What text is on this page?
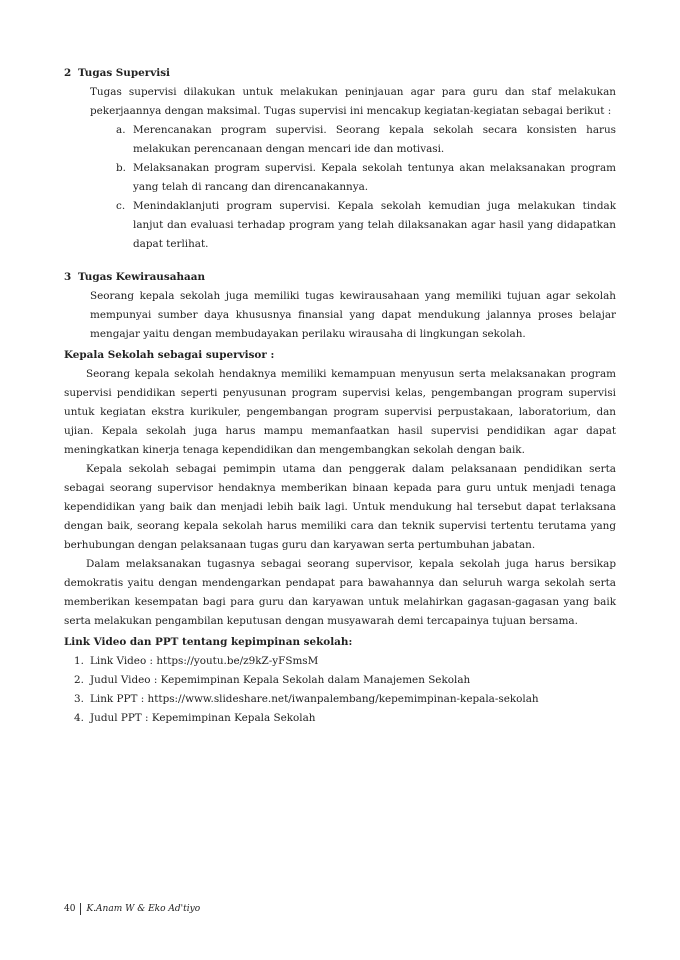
2 Tugas Supervisi

Tugas supervisi dilakukan untuk melakukan peninjauan agar para guru dan staf melakukan pekerjaannya dengan maksimal. Tugas supervisi ini mencakup kegiatan-kegiatan sebagai berikut :

a. Merencanakan program supervisi. Seorang kepala sekolah secara konsisten harus melakukan perencanaan dengan mencari ide dan motivasi.
b. Melaksanakan program supervisi. Kepala sekolah tentunya akan melaksanakan program yang telah di rancang dan direncanakannya.
c. Menindaklanjuti program supervisi. Kepala sekolah kemudian juga melakukan tindak lanjut dan evaluasi terhadap program yang telah dilaksanakan agar hasil yang didapatkan dapat terlihat.
3 Tugas Kewirausahaan

Seorang kepala sekolah juga memiliki tugas kewirausahaan yang memiliki tujuan agar sekolah mempunyai sumber daya khususnya finansial yang dapat mendukung jalannya proses belajar mengajar yaitu dengan membudayakan perilaku wirausaha di lingkungan sekolah.

Kepala Sekolah sebagai supervisor :

Seorang kepala sekolah hendaknya memiliki kemampuan menyusun serta melaksanakan program supervisi pendidikan seperti penyusunan program supervisi kelas, pengembangan program supervisi untuk kegiatan ekstra kurikuler, pengembangan program supervisi perpustakaan, laboratorium, dan ujian. Kepala sekolah juga harus mampu memanfaatkan hasil supervisi pendidikan agar dapat meningkatkan kinerja tenaga kependidikan dan mengembangkan sekolah dengan baik.

Kepala sekolah sebagai pemimpin utama dan penggerak dalam pelaksanaan pendidikan serta sebagai seorang supervisor hendaknya memberikan binaan kepada para guru untuk menjadi tenaga kependidikan yang baik dan menjadi lebih baik lagi. Untuk mendukung hal tersebut dapat terlaksana dengan baik, seorang kepala sekolah harus memiliki cara dan teknik supervisi tertentu terutama yang berhubungan dengan pelaksanaan tugas guru dan karyawan serta pertumbuhan jabatan.

Dalam melaksanakan tugasnya sebagai seorang supervisor, kepala sekolah juga harus bersikap demokratis yaitu dengan mendengarkan pendapat para bawahannya dan seluruh warga sekolah serta memberikan kesempatan bagi para guru dan karyawan untuk melahirkan gagasan-gagasan yang baik serta melakukan pengambilan keputusan dengan musyawarah demi tercapainya tujuan bersama.

Link Video dan PPT tentang kepimpinan sekolah:
1. Link Video : https://youtu.be/z9kZ-yFSmsM
2. Judul Video : Kepemimpinan Kepala Sekolah dalam Manajemen Sekolah
3. Link PPT : https://www.slideshare.net/iwanpalembang/kepemimpinan-kepala-sekolah
4. Judul PPT : Kepemimpinan Kepala Sekolah
40 K.Anam W & Eko Ad'tiyo
